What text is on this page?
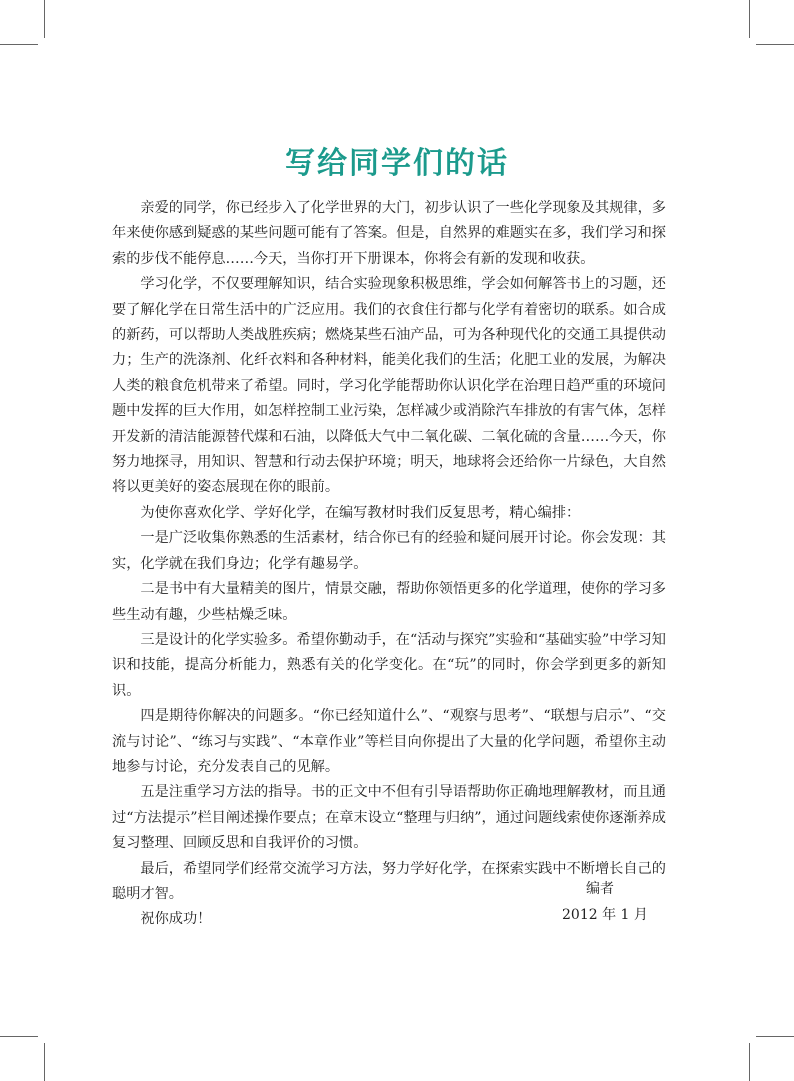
写给同学们的话

亲爱的同学，你已经步入了化学世界的大门，初步认识了一些化学现象及其规律，多年来使你感到疑惑的某些问题可能有了答案。但是，自然界的难题实在多，我们学习和探索的步伐不能停息……今天，当你打开下册课本，你将会有新的发现和收获。

学习化学，不仅要理解知识，结合实验现象积极思维，学会如何解答书上的习题，还要了解化学在日常生活中的广泛应用。我们的衣食住行都与化学有着密切的联系。如合成的新药，可以帮助人类战胜疾病；燃烧某些石油产品，可为各种现代化的交通工具提供动力；生产的洗涤剂、化纤衣料和各种材料，能美化我们的生活；化肥工业的发展，为解决人类的粮食危机带来了希望。同时，学习化学能帮助你认识化学在治理日趋严重的环境问题中发挥的巨大作用，如怎样控制工业污染，怎样减少或消除汽车排放的有害气体，怎样开发新的清洁能源替代煤和石油，以降低大气中二氧化碳、二氧化硫的含量……今天，你努力地探寻，用知识、智慧和行动去保护环境；明天，地球将会还给你一片绿色，大自然将以更美好的姿态展现在你的眼前。

为使你喜欢化学、学好化学，在编写教材时我们反复思考，精心编排：

一是广泛收集你熟悉的生活素材，结合你已有的经验和疑问展开讨论。你会发现：其实，化学就在我们身边；化学有趣易学。

二是书中有大量精美的图片，情景交融，帮助你领悟更多的化学道理，使你的学习多些生动有趣，少些枯燥乏味。

三是设计的化学实验多。希望你勤动手，在“活动与探究”实验和“基础实验”中学习知识和技能，提高分析能力，熟悉有关的化学变化。在“玩”的同时，你会学到更多的新知识。

四是期待你解决的问题多。“你已经知道什么”、“观察与思考”、“联想与启示”、“交流与讨论”、“练习与实践”、“本章作业”等栏目向你提出了大量的化学问题，希望你主动地参与讨论，充分发表自己的见解。

五是注重学习方法的指导。书的正文中不但有引导语帮助你正确地理解教材，而且通过“方法提示”栏目阐述操作要点；在章末设立“整理与归纳”，通过问题线索使你逐渐养成复习整理、回顾反思和自我评价的习惯。

最后，希望同学们经常交流学习方法，努力学好化学，在探索实践中不断增长自己的聪明才智。

祝你成功！

编者
2012 年 1 月
